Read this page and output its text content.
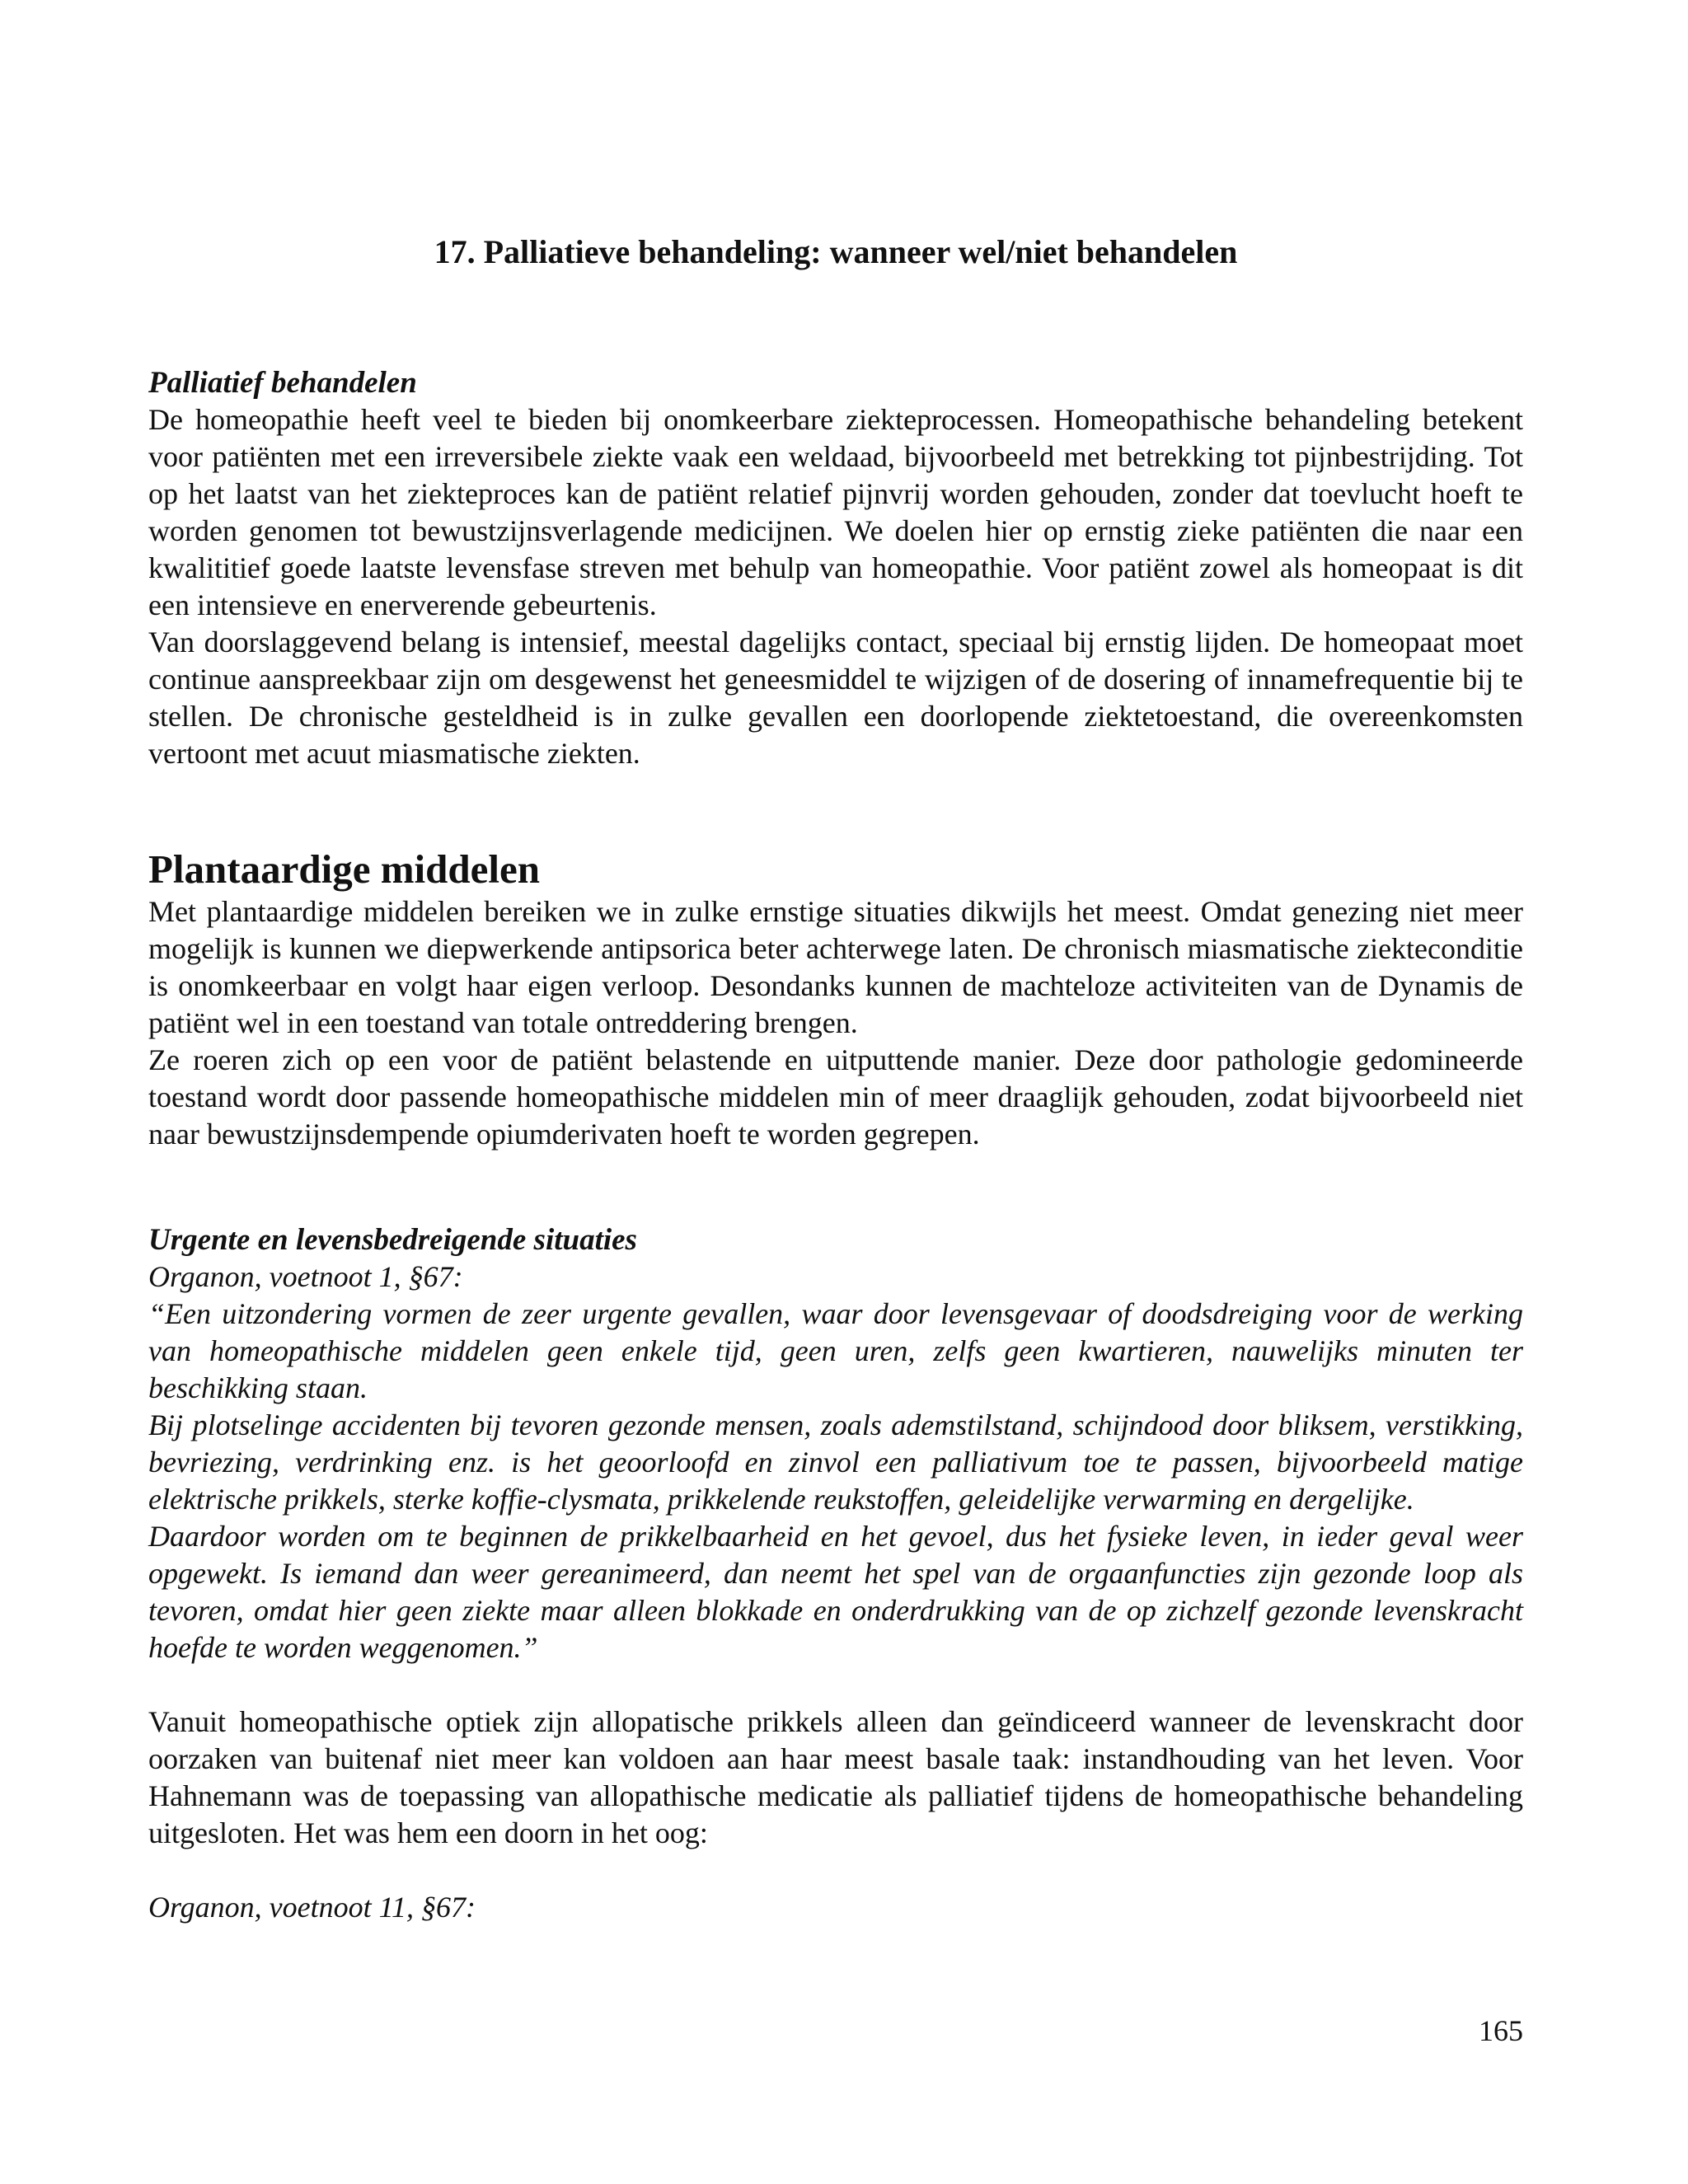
17. Palliatieve behandeling: wanneer wel/niet behandelen
Palliatief behandelen

De homeopathie heeft veel te bieden bij onomkeerbare ziekteprocessen. Homeopathische behandeling betekent voor patiënten met een irreversibele ziekte vaak een weldaad, bijvoorbeeld met betrekking tot pijnbestrijding. Tot op het laatst van het ziekteproces kan de patiënt relatief pijnvrij worden gehouden, zonder dat toevlucht hoeft te worden genomen tot bewustzijnsverlagende medicijnen. We doelen hier op ernstig zieke patiënten die naar een kwalititief goede laatste levensfase streven met behulp van homeopathie. Voor patiënt zowel als homeopaat is dit een intensieve en enerverende gebeurtenis.

Van doorslaggevend belang is intensief, meestal dagelijks contact, speciaal bij ernstig lijden. De homeopaat moet continue aanspreekbaar zijn om desgewenst het geneesmiddel te wijzigen of de dosering of innamefrequentie bij te stellen. De chronische gesteldheid is in zulke gevallen een doorlopende ziektetoestand, die overeenkomsten vertoont met acuut miasmatische ziekten.

Plantaardige middelen

Met plantaardige middelen bereiken we in zulke ernstige situaties dikwijls het meest. Omdat genezing niet meer mogelijk is kunnen we diepwerkende antipsorica beter achterwege laten. De chronisch miasmatische ziekteconditie is onomkeerbaar en volgt haar eigen verloop. Desondanks kunnen de machteloze activiteiten van de Dynamis de patiënt wel in een toestand van totale ontreddering brengen.

Ze roeren zich op een voor de patiënt belastende en uitputtende manier. Deze door pathologie gedomineerde toestand wordt door passende homeopathische middelen min of meer draaglijk gehouden, zodat bijvoorbeeld niet naar bewustzijnsdempende opiumderivaten hoeft te worden gegrepen.

Urgente en levensbedreigende situaties

Organon, voetnoot 1, §67:

“Een uitzondering vormen de zeer urgente gevallen, waar door levensgevaar of doodsdreiging voor de werking van homeopathische middelen geen enkele tijd, geen uren, zelfs geen kwartieren, nauwelijks minuten ter beschikking staan.

Bij plotselinge accidenten bij tevoren gezonde mensen, zoals ademstilstand, schijndood door bliksem, verstikking, bevriezing, verdrinking enz. is het geoorloofd en zinvol een palliativum toe te passen, bijvoorbeeld matige elektrische prikkels, sterke koffie-clysmata, prikkelende reukstoffen, geleidelijke verwarming en dergelijke.

Daardoor worden om te beginnen de prikkelbaarheid en het gevoel, dus het fysieke leven, in ieder geval weer opgewekt. Is iemand dan weer gereanimeerd, dan neemt het spel van de orgaanfuncties zijn gezonde loop als tevoren, omdat hier geen ziekte maar alleen blokkade en onderdrukking van de op zichzelf gezonde levenskracht hoefde te worden weggenomen.”

Vanuit homeopathische optiek zijn allopatische prikkels alleen dan geïndiceerd wanneer de levenskracht door oorzaken van buitenaf niet meer kan voldoen aan haar meest basale taak: instandhouding van het leven. Voor Hahnemann was de toepassing van allopathische medicatie als palliatief tijdens de homeopathische behandeling uitgesloten. Het was hem een doorn in het oog:

Organon, voetnoot 11, §67:

165
